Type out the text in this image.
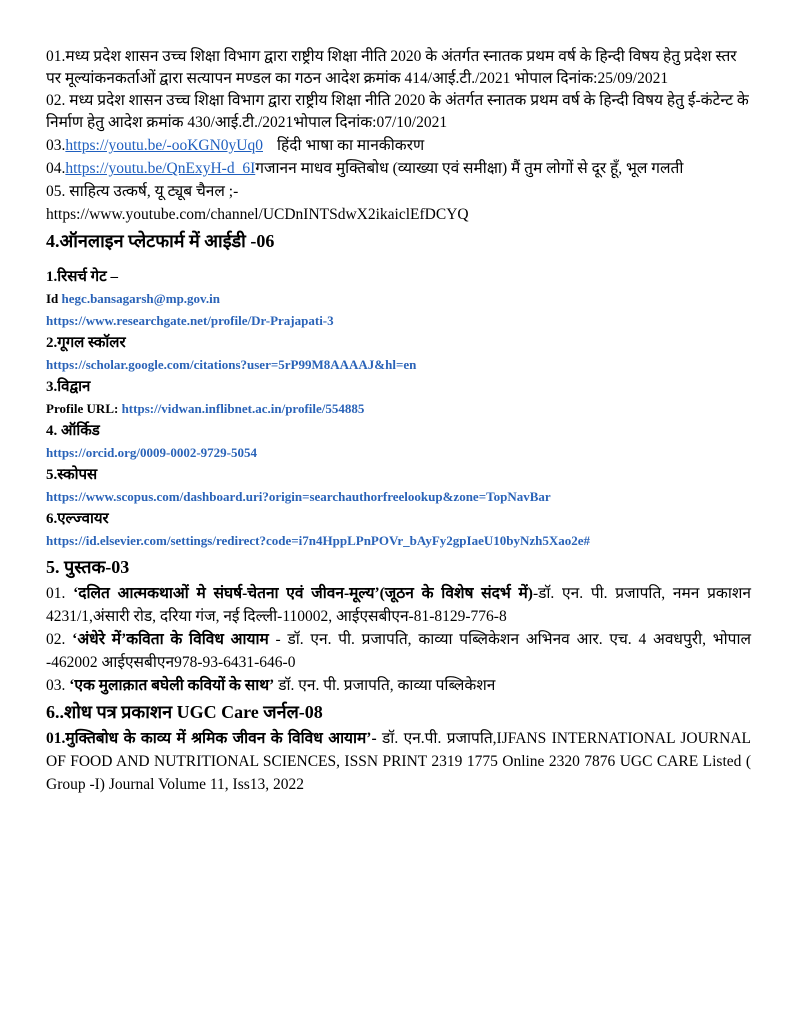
01.मध्य प्रदेश शासन उच्च शिक्षा विभाग द्वारा राष्ट्रीय शिक्षा नीति 2020 के अंतर्गत स्नातक प्रथम वर्ष के हिन्दी विषय हेतु प्रदेश स्तर पर मूल्यांकनकर्ताओं द्वारा सत्यापन मण्डल का गठन आदेश क्रमांक 414/आई.टी./2021 भोपाल दिनांक:25/09/2021

02. मध्य प्रदेश शासन उच्च शिक्षा विभाग द्वारा राष्ट्रीय शिक्षा नीति 2020 के अंतर्गत स्नातक प्रथम वर्ष के हिन्दी विषय हेतु ई-कंटेन्ट के निर्माण हेतु आदेश क्रमांक 430/आई.टी./2021भोपाल दिनांक:07/10/2021

03.https://youtu.be/-ooKGN0yUq0 हिंदी भाषा का मानकीकरण

04.https://youtu.be/QnExyH-d_6Iगजानन माधव मुक्तिबोध (व्याख्या एवं समीक्षा) मैं तुम लोगों से दूर हूँ, भूल गलती

05. साहित्य उत्कर्ष, यू ट्यूब चैनल ;-

https://www.youtube.com/channel/UCDnINTSdwX2ikaiclEfDCYQ

4.ऑनलाइन प्लेटफार्म में आईडी -06

1.रिसर्च गेट –

Id hegc.bansagarsh@mp.gov.in

https://www.researchgate.net/profile/Dr-Prajapati-3

2.गूगल स्कॉलर

https://scholar.google.com/citations?user=5rP99M8AAAAJ&hl=en

3.विद्वान

Profile URL: https://vidwan.inflibnet.ac.in/profile/554885

4. ऑर्किड

https://orcid.org/0009-0002-9729-5054

5.स्कोपस

https://www.scopus.com/dashboard.uri?origin=searchauthorfreelookup&zone=TopNavBar

6.एल्ज्वायर

https://id.elsevier.com/settings/redirect?code=i7n4HppLPnPOVr_bAyFy2gpIaeU10byNzh5Xao2e#

5. पुस्तक-03

01. ‘दलित आत्मकथाओं मे संघर्ष-चेतना एवं जीवन-मूल्य’(जूठन के विशेष संदर्भ में)-डॉ. एन. पी. प्रजापति, नमन प्रकाशन 4231/1,अंसारी रोड, दरिया गंज, नई दिल्ली-110002, आईएसबीएन-81-8129-776-8

02. ‘अंधेरे में’कविता के विविध आयाम - डॉ. एन. पी. प्रजापति, काव्या पब्लिकेशन अभिनव आर. एच. 4 अवधपुरी, भोपाल -462002 आईएसबीएन978-93-6431-646-0

03. ‘एक मुलाक़ात बघेली कवियों के साथ’ डॉ. एन. पी. प्रजापति, काव्या पब्लिकेशन

6..शोध पत्र प्रकाशन UGC Care जर्नल-08

01.मुक्तिबोध के काव्य में श्रमिक जीवन के विविध आयाम’- डॉ. एन.पी. प्रजापति,IJFANS INTERNATIONAL JOURNAL OF FOOD AND NUTRITIONAL SCIENCES, ISSN PRINT 2319 1775 Online 2320 7876 UGC CARE Listed ( Group -I) Journal Volume 11, Iss13, 2022
